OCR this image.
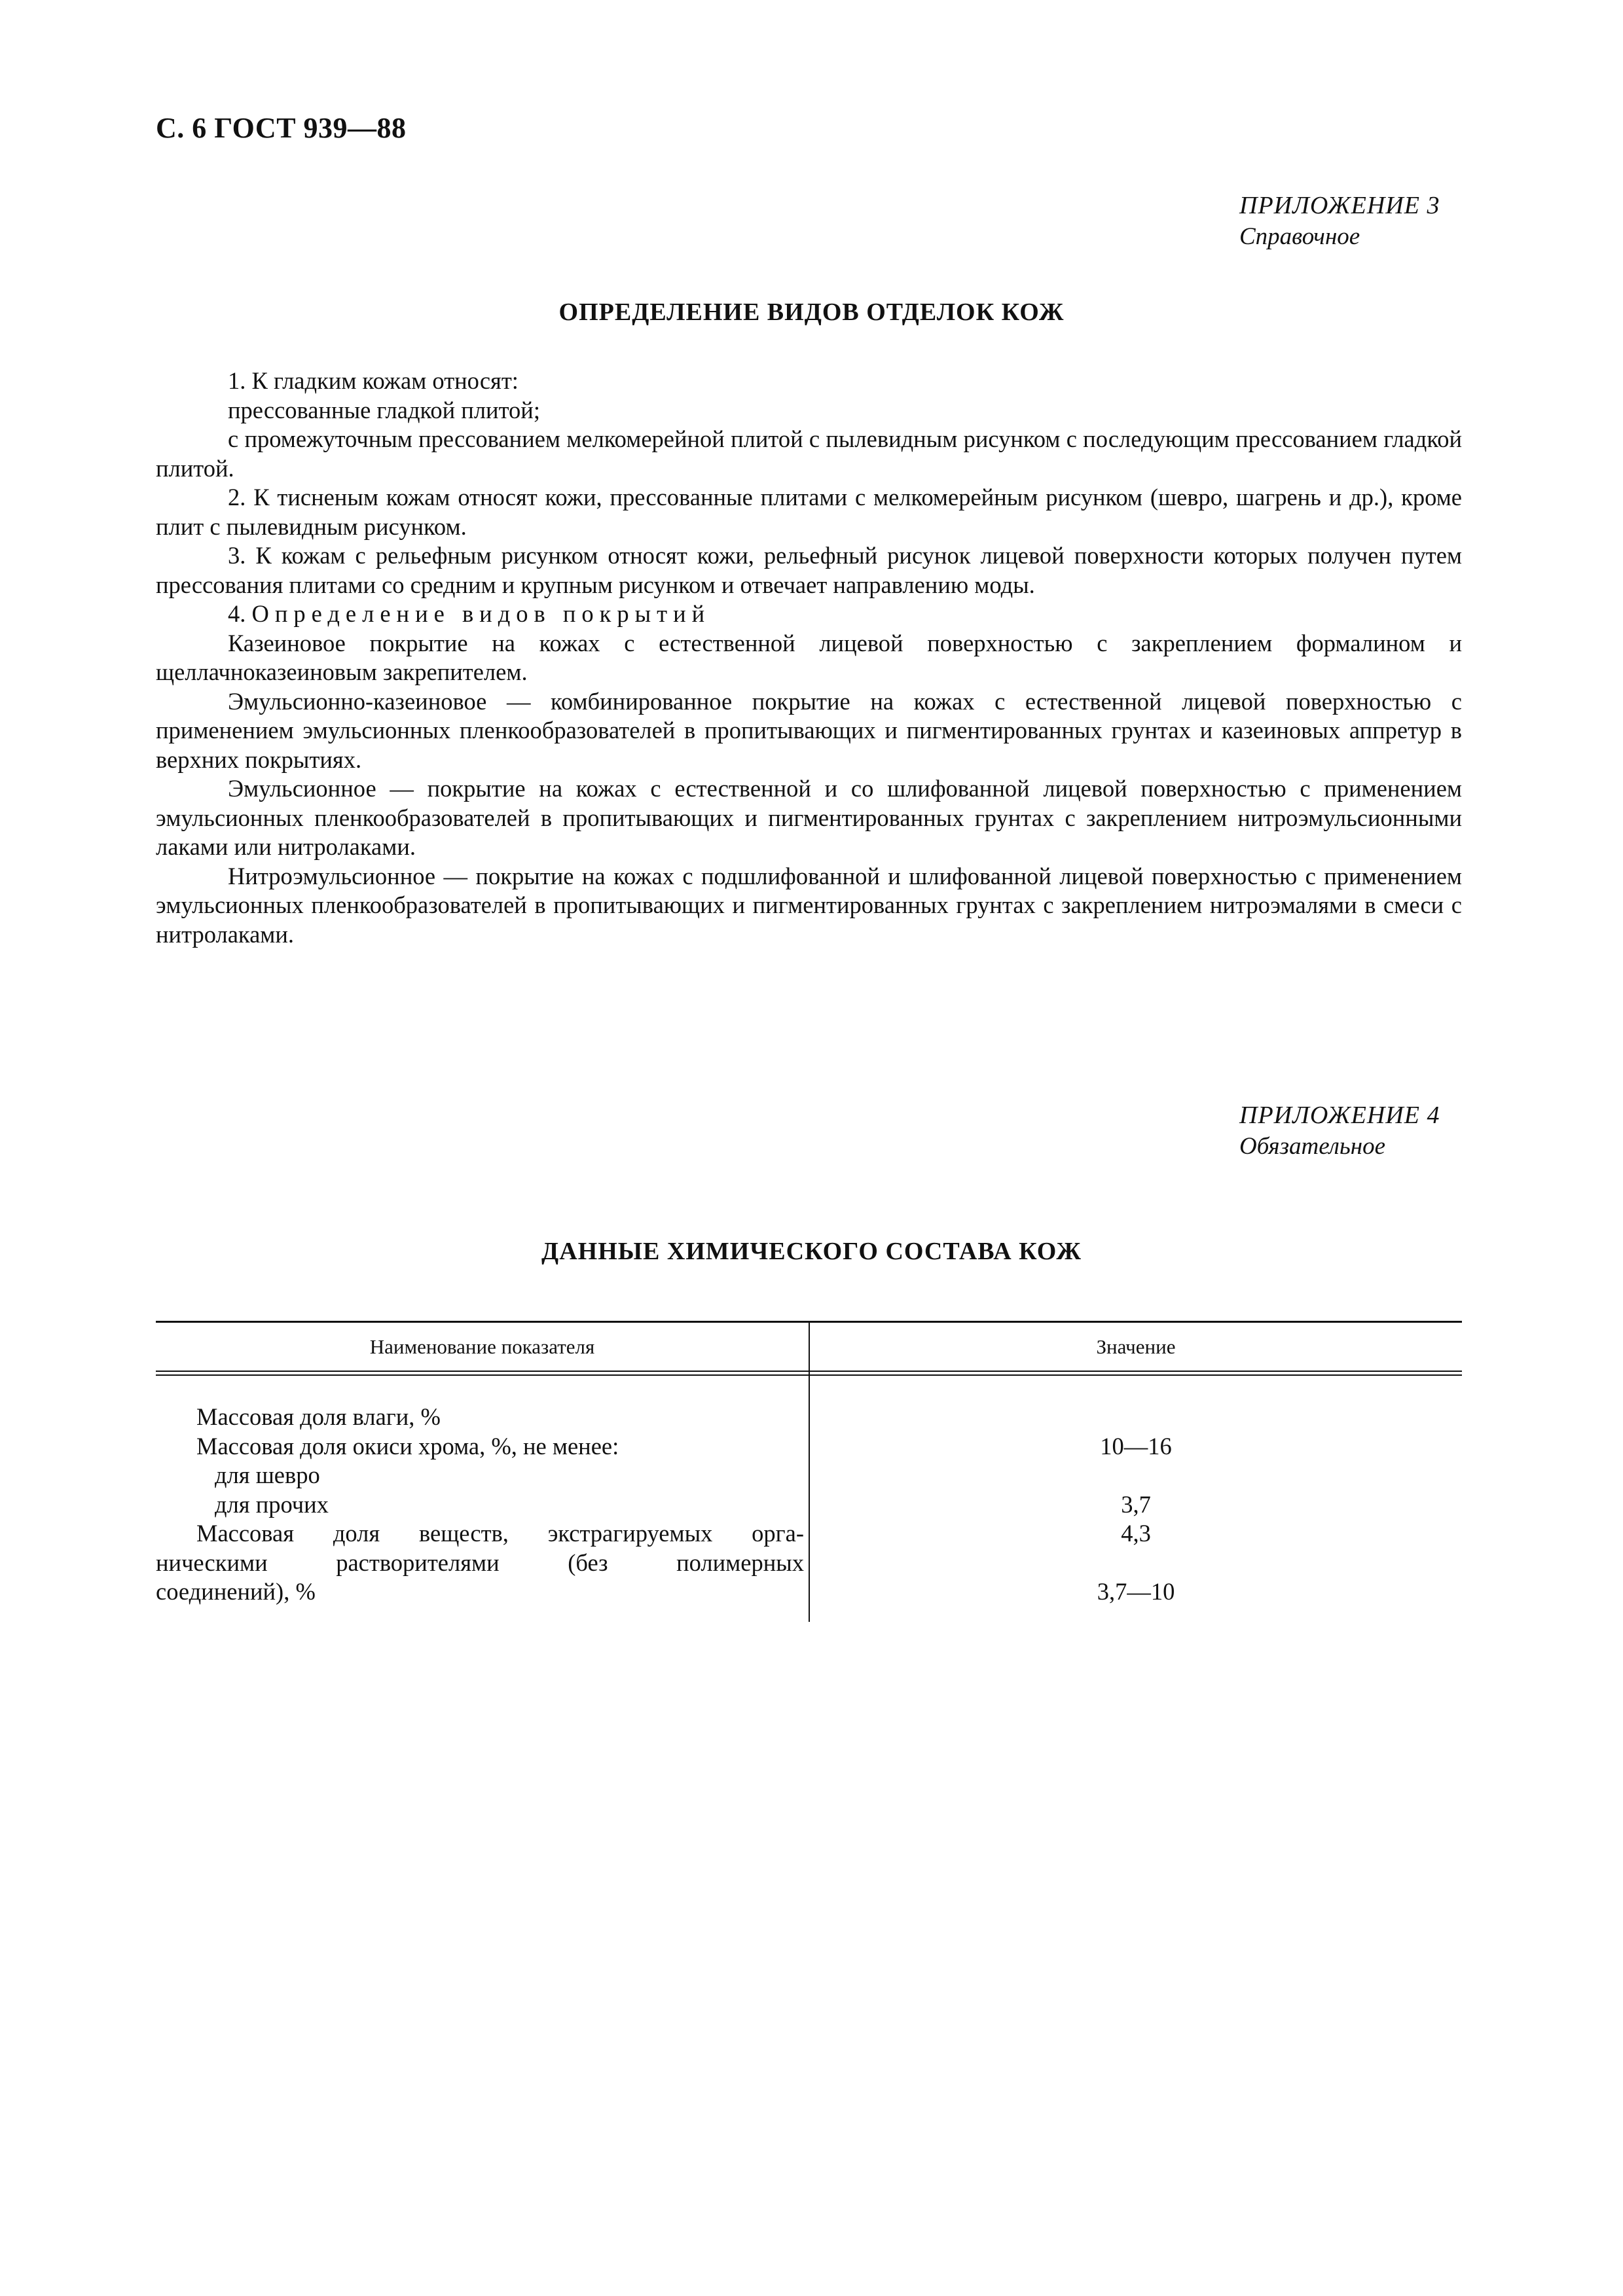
С. 6 ГОСТ 939—88
ПРИЛОЖЕНИЕ 3
Справочное
ОПРЕДЕЛЕНИЕ ВИДОВ ОТДЕЛОК КОЖ

1. К гладким кожам относят:

прессованные гладкой плитой;

с промежуточным прессованием мелкомерейной плитой с пылевидным рисунком с последующим прессованием гладкой плитой.

2. К тисненым кожам относят кожи, прессованные плитами с мелкомерейным рисунком (шевро, шагрень и др.), кроме плит с пылевидным рисунком.

3. К кожам с рельефным рисунком относят кожи, рельефный рисунок лицевой поверхности которых получен путем прессования плитами со средним и крупным рисунком и отвечает направлению моды.

4. Определение видов покрытий

Казеиновое покрытие на кожах с естественной лицевой поверхностью с закреплением формалином и щеллачноказеиновым закрепителем.

Эмульсионно-казеиновое — комбинированное покрытие на кожах с естественной лицевой поверхностью с применением эмульсионных пленкообразователей в пропитывающих и пигментированных грунтах и казеиновых аппретур в верхних покрытиях.

Эмульсионное — покрытие на кожах с естественной и со шлифованной лицевой поверхностью с применением эмульсионных пленкообразователей в пропитывающих и пигментированных грунтах с закреплением нитроэмульсионными лаками или нитролаками.

Нитроэмульсионное — покрытие на кожах с подшлифованной и шлифованной лицевой поверхностью с применением эмульсионных пленкообразователей в пропитывающих и пигментированных грунтах с закреплением нитроэмалями в смеси с нитролаками.

ПРИЛОЖЕНИЕ 4
Обязательное
ДАННЫЕ ХИМИЧЕСКОГО СОСТАВА КОЖ
Наименование показателя	Значение
Массовая доля влаги, %
Массовая доля окиси хрома, %, не менее:
для шевро
для прочих
Массовая доля веществ, экстрагируемых орга-
ническими растворителями (без полимерных
соединений), %

10—16

3,7
4,3

3,7—10
